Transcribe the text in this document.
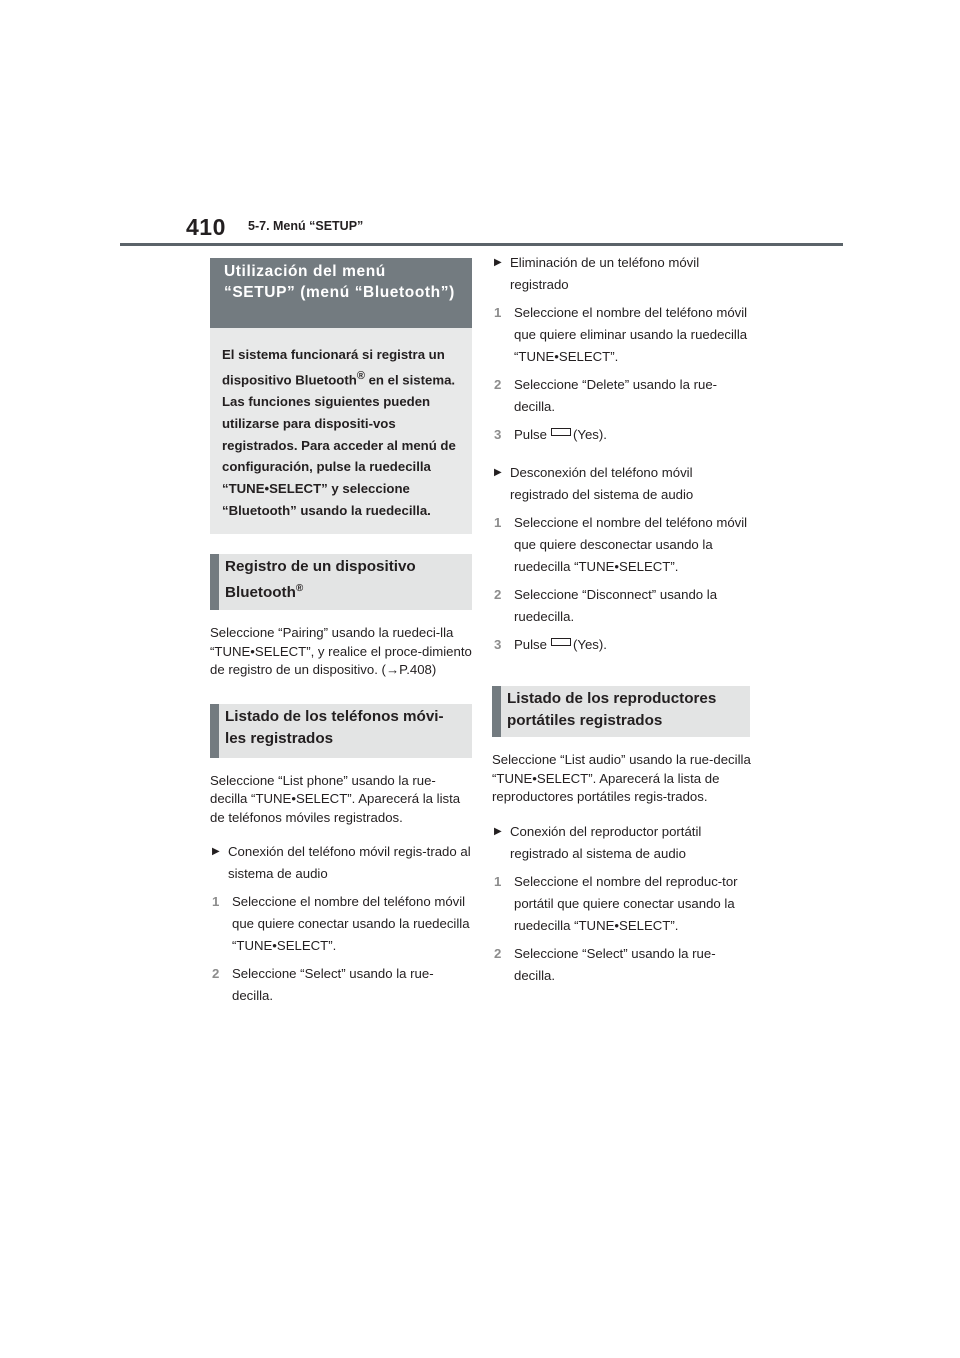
410 5-7. Menú “SETUP”
Utilización del menú “SETUP” (menú “Bluetooth”)

El sistema funcionará si registra un dispositivo Bluetooth® en el sistema. Las funciones siguientes pueden utilizarse para dispositi-vos registrados. Para acceder al menú de configuración, pulse la ruedecilla “TUNE•SELECT” y seleccione “Bluetooth” usando la ruedecilla.

Registro de un dispositivo Bluetooth®

Seleccione “Pairing” usando la ruedeci-lla “TUNE•SELECT”, y realice el proce-dimiento de registro de un dispositivo. (→P.408)

Listado de los teléfonos móvi-les registrados

Seleccione “List phone” usando la rue-decilla “TUNE•SELECT”. Aparecerá la lista de teléfonos móviles registrados.

▶ Conexión del teléfono móvil regis-trado al sistema de audio
1 Seleccione el nombre del teléfono móvil que quiere conectar usando la ruedecilla “TUNE•SELECT”.
2 Seleccione “Select” usando la rue-decilla.
▶ Eliminación de un teléfono móvil registrado
1 Seleccione el nombre del teléfono móvil que quiere eliminar usando la ruedecilla “TUNE•SELECT”.
2 Seleccione “Delete” usando la rue-decilla.
3 Pulse (Yes).
▶ Desconexión del teléfono móvil registrado del sistema de audio
1 Seleccione el nombre del teléfono móvil que quiere desconectar usando la ruedecilla “TUNE•SELECT”.
2 Seleccione “Disconnect” usando la ruedecilla.
3 Pulse (Yes).
Listado de los reproductores portátiles registrados

Seleccione “List audio” usando la rue-decilla “TUNE•SELECT”. Aparecerá la lista de reproductores portátiles regis-trados.

▶ Conexión del reproductor portátil registrado al sistema de audio
1 Seleccione el nombre del reproduc-tor portátil que quiere conectar usando la ruedecilla “TUNE•SELECT”.
2 Seleccione “Select” usando la rue-decilla.
